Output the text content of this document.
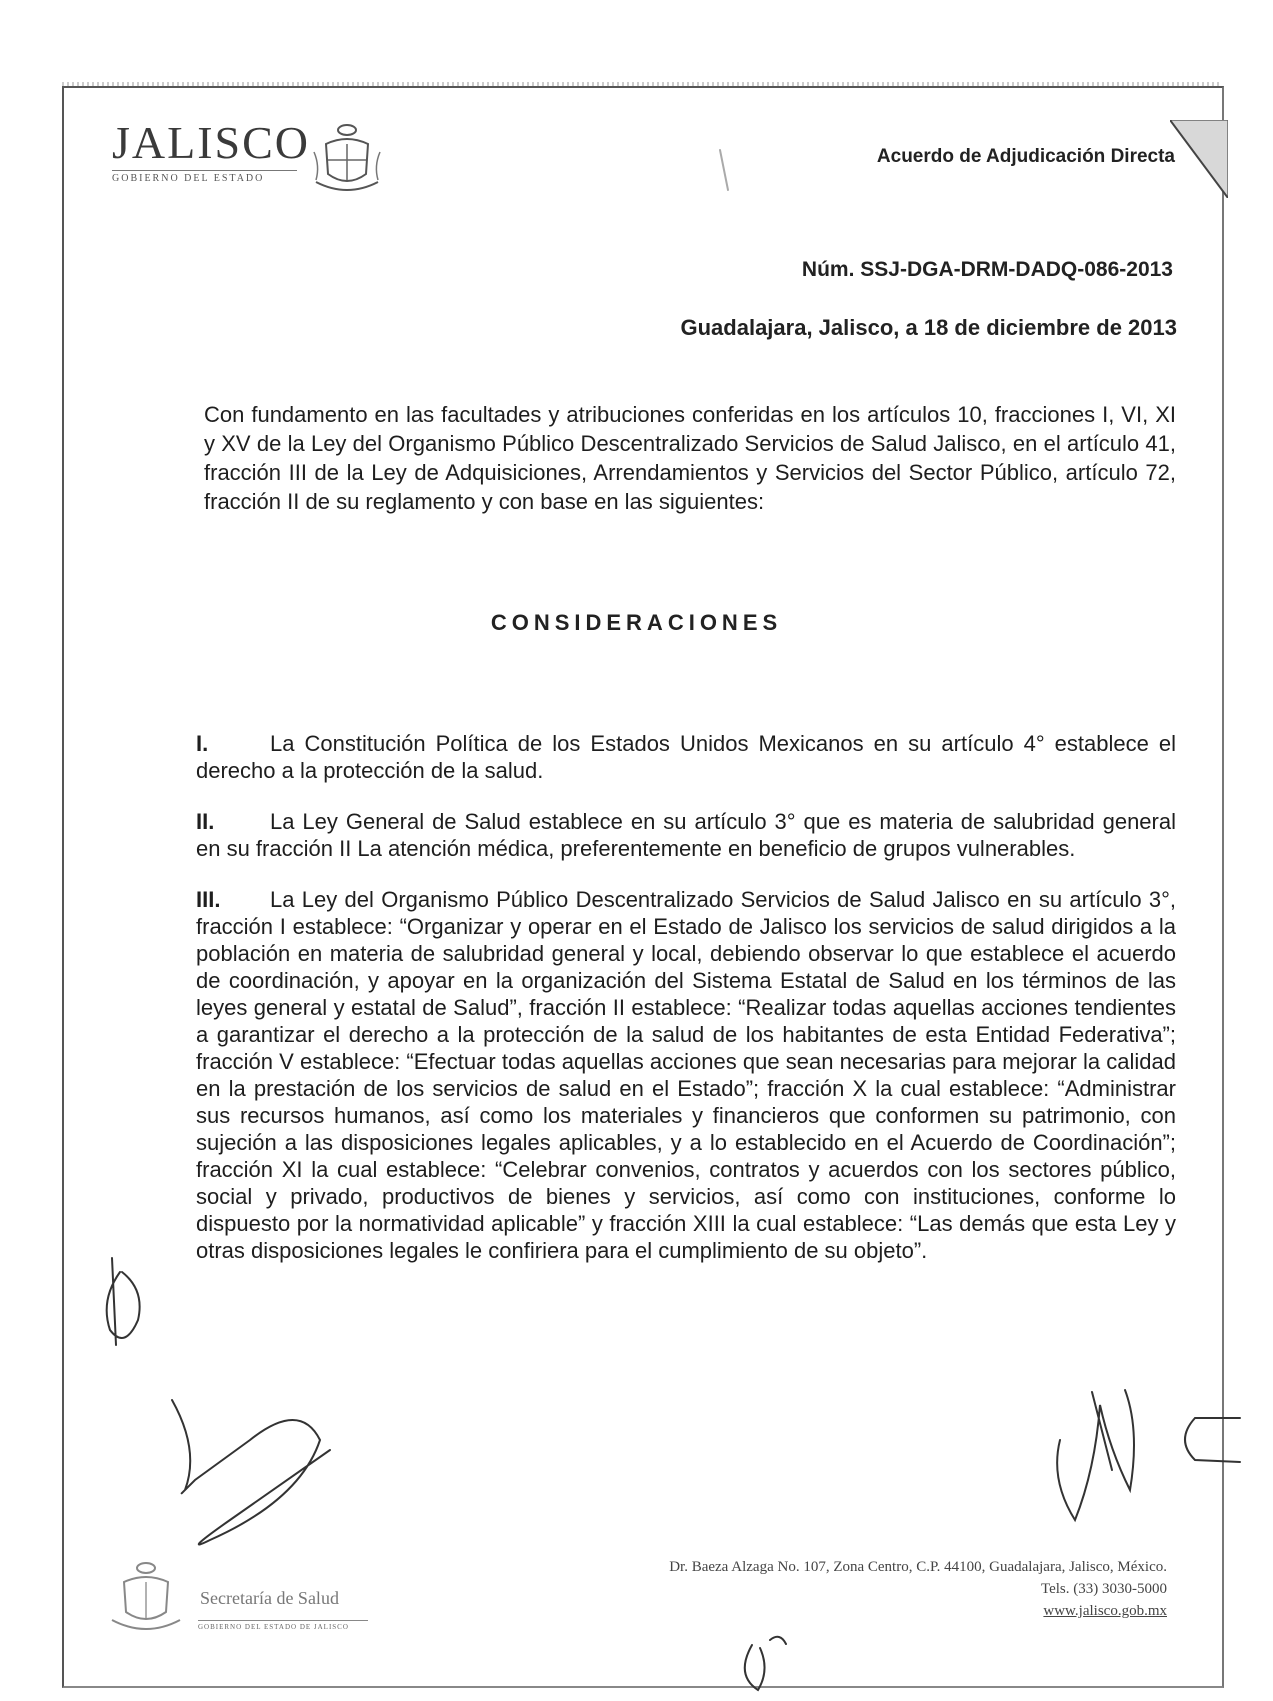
JALISCO
GOBIERNO DEL ESTADO
Acuerdo de Adjudicación Directa
Núm. SSJ-DGA-DRM-DADQ-086-2013
Guadalajara, Jalisco, a 18 de diciembre de 2013
Con fundamento en las facultades y atribuciones conferidas en los artículos 10, fracciones I, VI, XI y XV de la Ley del Organismo Público Descentralizado Servicios de Salud Jalisco, en el artículo 41, fracción III de la Ley de Adquisiciones, Arrendamientos y Servicios del Sector Público, artículo 72, fracción II de su reglamento y con base en las siguientes:
CONSIDERACIONES
I.	La Constitución Política de los Estados Unidos Mexicanos en su artículo 4° establece el derecho a la protección de la salud.
II.	La Ley General de Salud establece en su artículo 3° que es materia de salubridad general en su fracción II La atención médica, preferentemente en beneficio de grupos vulnerables.
III. La Ley del Organismo Público Descentralizado Servicios de Salud Jalisco en su artículo 3°, fracción I establece: “Organizar y operar en el Estado de Jalisco los servicios de salud dirigidos a la población en materia de salubridad general y local, debiendo observar lo que establece el acuerdo de coordinación, y apoyar en la organización del Sistema Estatal de Salud en los términos de las leyes general y estatal de Salud”, fracción II establece: “Realizar todas aquellas acciones tendientes a garantizar el derecho a la protección de la salud de los habitantes de esta Entidad Federativa”; fracción V establece: “Efectuar todas aquellas acciones que sean necesarias para mejorar la calidad en la prestación de los servicios de salud en el Estado”; fracción X la cual establece: “Administrar sus recursos humanos, así como los materiales y financieros que conformen su patrimonio, con sujeción a las disposiciones legales aplicables, y a lo establecido en el Acuerdo de Coordinación”; fracción XI la cual establece: “Celebrar convenios, contratos y acuerdos con los sectores público, social y privado, productivos de bienes y servicios, así como con instituciones, conforme lo dispuesto por la normatividad aplicable” y fracción XIII la cual establece: “Las demás que esta Ley y otras disposiciones legales le confiriera para el cumplimiento de su objeto”.
Secretaría de Salud
GOBIERNO DEL ESTADO DE JALISCO
Dr. Baeza Alzaga No. 107, Zona Centro, C.P. 44100, Guadalajara, Jalisco, México.
Tels. (33) 3030-5000
www.jalisco.gob.mx
